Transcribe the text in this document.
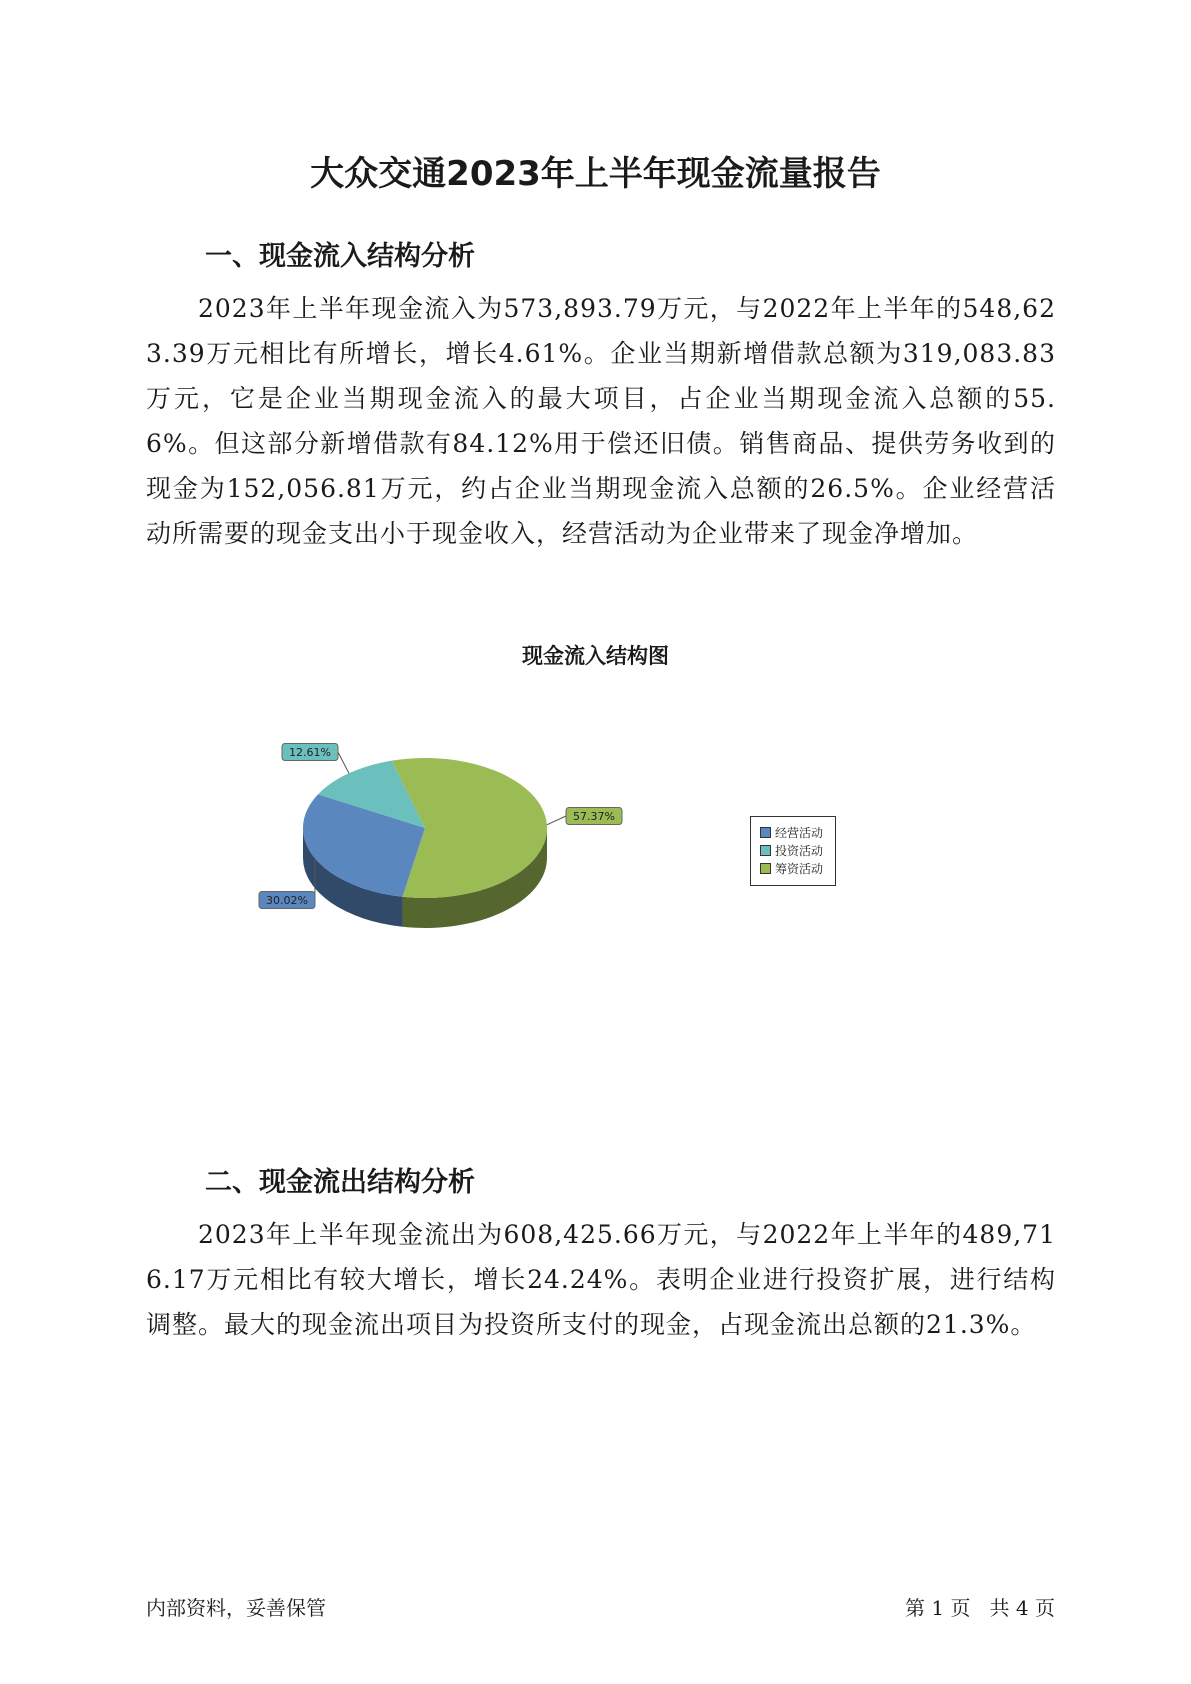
大众交通2023年上半年现金流量报告
一、现金流入结构分析
2023年上半年现金流入为573,893.79万元，与2022年上半年的548,623.39万元相比有所增长，增长4.61%。企业当期新增借款总额为319,083.83万元，它是企业当期现金流入的最大项目，占企业当期现金流入总额的55.6%。但这部分新增借款有84.12%用于偿还旧债。销售商品、提供劳务收到的现金为152,056.81万元，约占企业当期现金流入总额的26.5%。企业经营活动所需要的现金支出小于现金收入，经营活动为企业带来了现金净增加。
现金流入结构图
57.37%
30.02%
12.61%
经营活动
投资活动
筹资活动
二、现金流出结构分析
2023年上半年现金流出为608,425.66万元，与2022年上半年的489,716.17万元相比有较大增长，增长24.24%。表明企业进行投资扩展，进行结构调整。最大的现金流出项目为投资所支付的现金，占现金流出总额的21.3%。
内部资料，妥善保管	第 1 页   共 4 页
